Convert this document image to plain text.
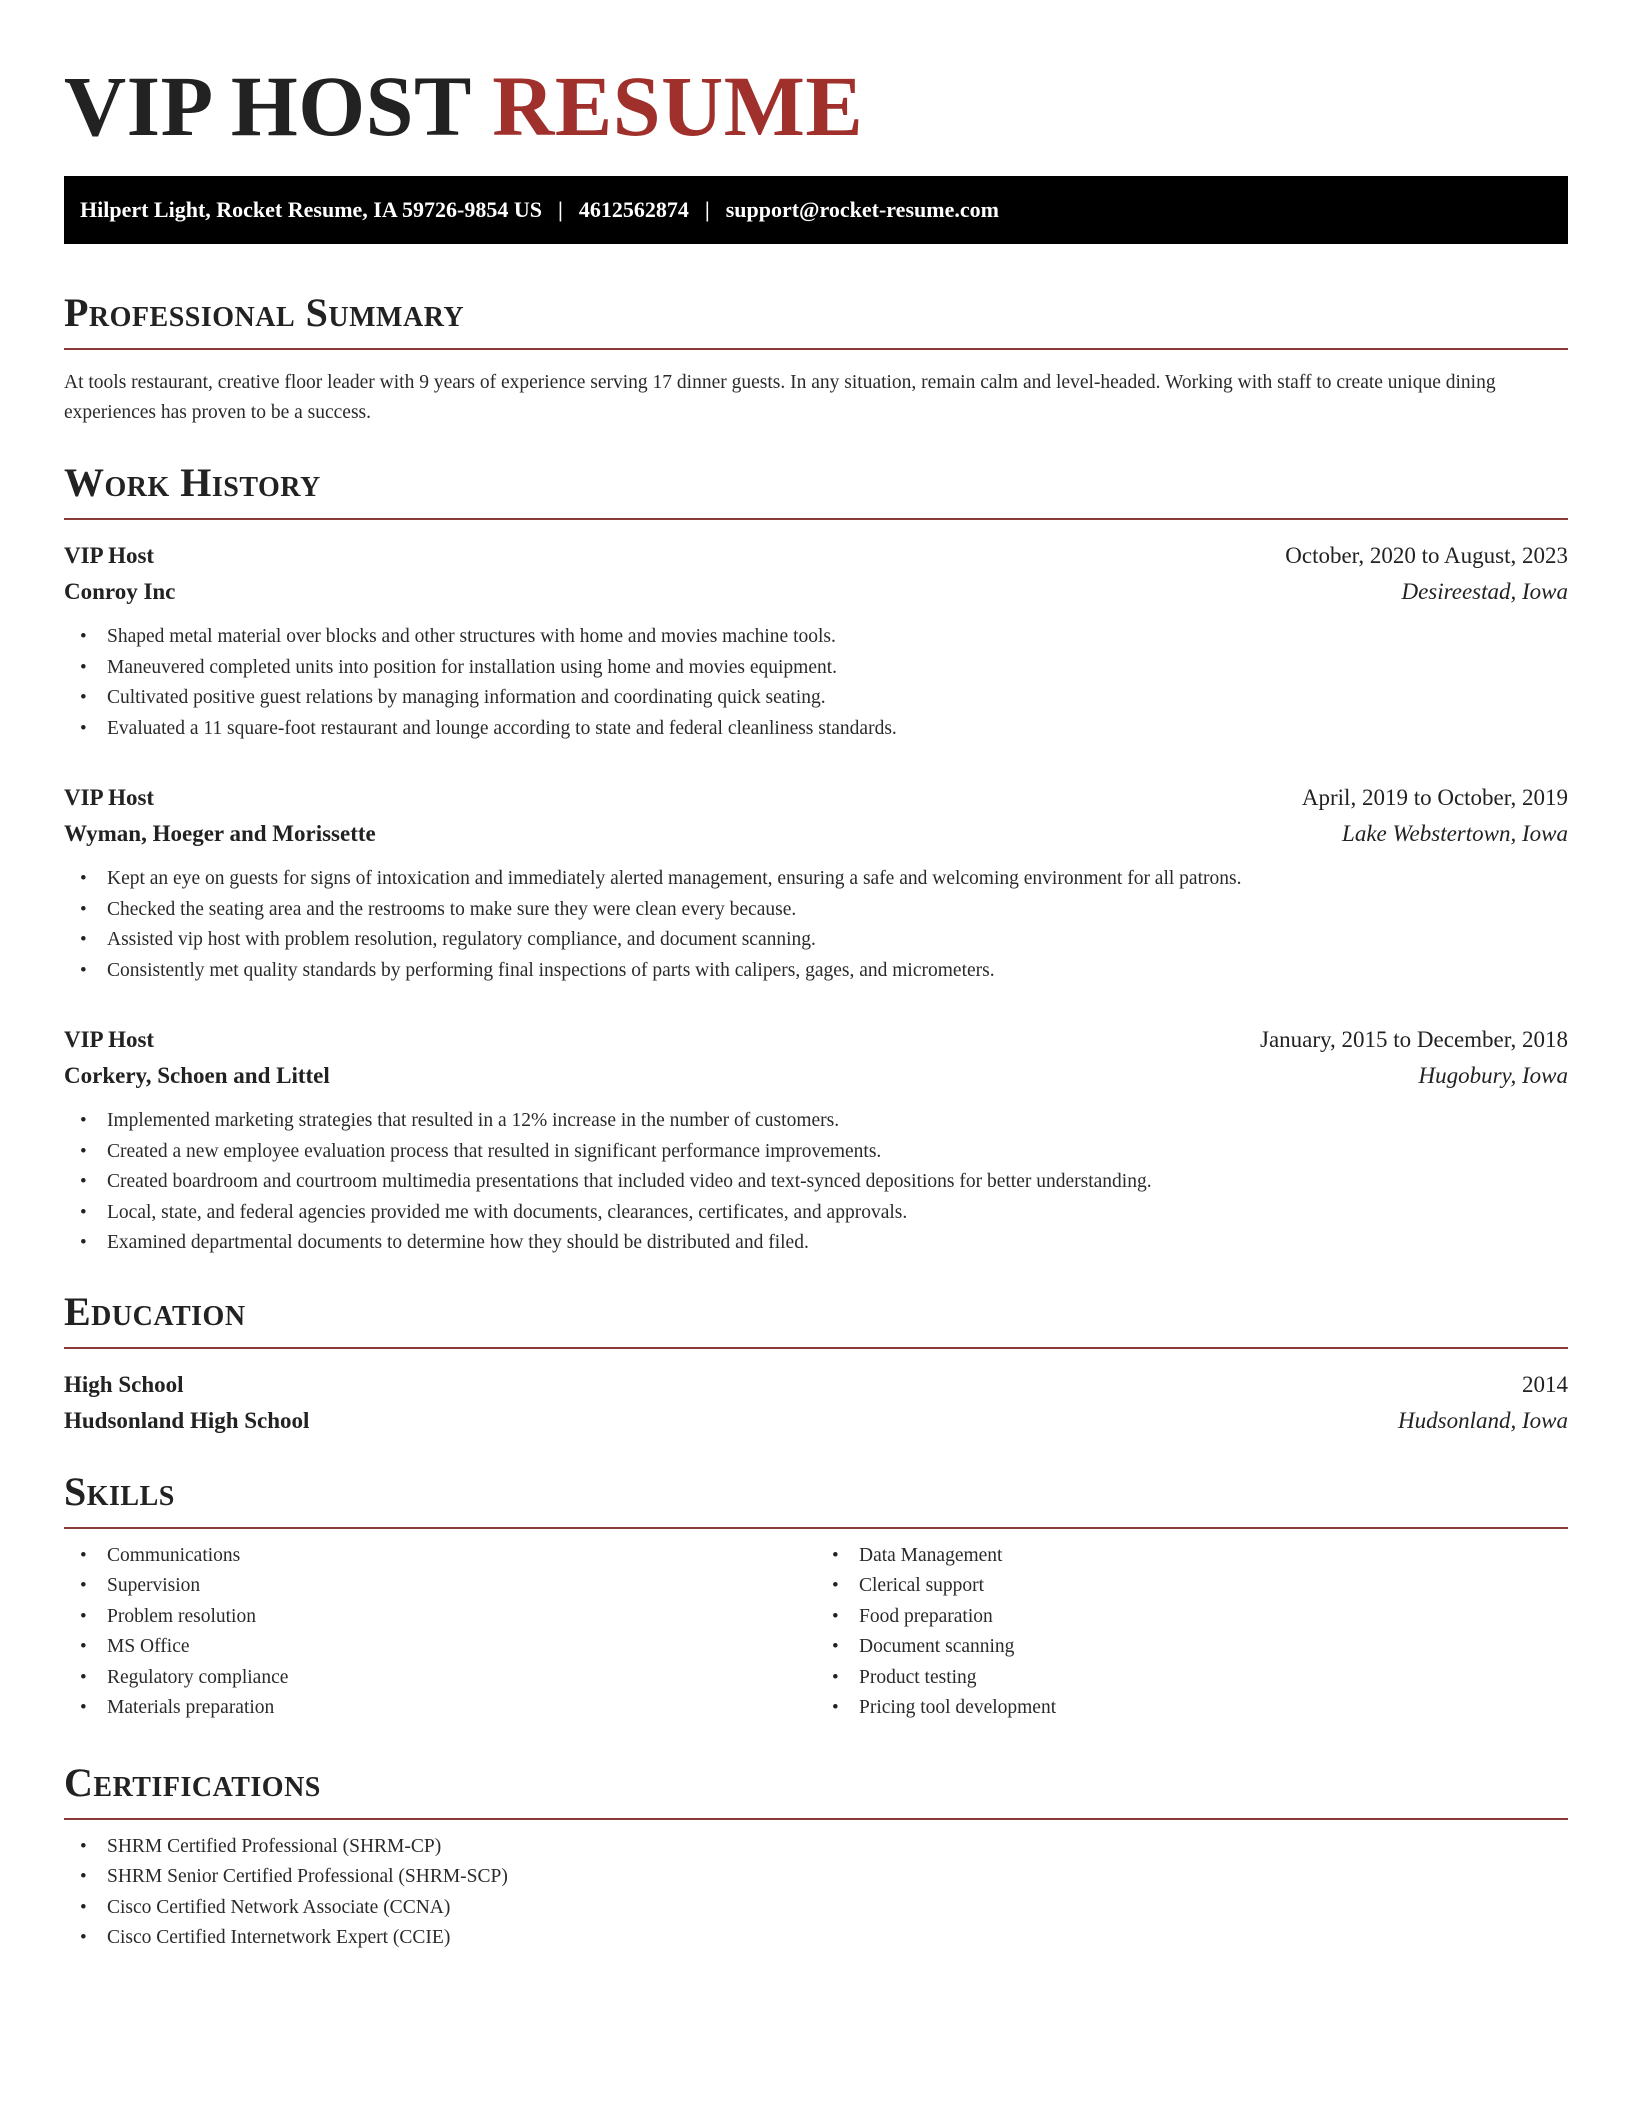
VIP HOST RESUME
Hilpert Light, Rocket Resume, IA 59726-9854 US | 4612562874 | support@rocket-resume.com
Professional Summary

At tools restaurant, creative floor leader with 9 years of experience serving 17 dinner guests. In any situation, remain calm and level-headed. Working with staff to create unique dining experiences has proven to be a success.

Work History
VIP Host	October, 2020 to August, 2023
Conroy Inc	Desireestad, Iowa
• Shaped metal material over blocks and other structures with home and movies machine tools.
• Maneuvered completed units into position for installation using home and movies equipment.
• Cultivated positive guest relations by managing information and coordinating quick seating.
• Evaluated a 11 square-foot restaurant and lounge according to state and federal cleanliness standards.
VIP Host	April, 2019 to October, 2019
Wyman, Hoeger and Morissette	Lake Webstertown, Iowa
• Kept an eye on guests for signs of intoxication and immediately alerted management, ensuring a safe and welcoming environment for all patrons.
• Checked the seating area and the restrooms to make sure they were clean every because.
• Assisted vip host with problem resolution, regulatory compliance, and document scanning.
• Consistently met quality standards by performing final inspections of parts with calipers, gages, and micrometers.
VIP Host	January, 2015 to December, 2018
Corkery, Schoen and Littel	Hugobury, Iowa
• Implemented marketing strategies that resulted in a 12% increase in the number of customers.
• Created a new employee evaluation process that resulted in significant performance improvements.
• Created boardroom and courtroom multimedia presentations that included video and text-synced depositions for better understanding.
• Local, state, and federal agencies provided me with documents, clearances, certificates, and approvals.
• Examined departmental documents to determine how they should be distributed and filed.
Education
High School	2014
Hudsonland High School	Hudsonland, Iowa
Skills
• Communications
• Supervision
• Problem resolution
• MS Office
• Regulatory compliance
• Materials preparation
• Data Management
• Clerical support
• Food preparation
• Document scanning
• Product testing
• Pricing tool development
Certifications
• SHRM Certified Professional (SHRM-CP)
• SHRM Senior Certified Professional (SHRM-SCP)
• Cisco Certified Network Associate (CCNA)
• Cisco Certified Internetwork Expert (CCIE)
